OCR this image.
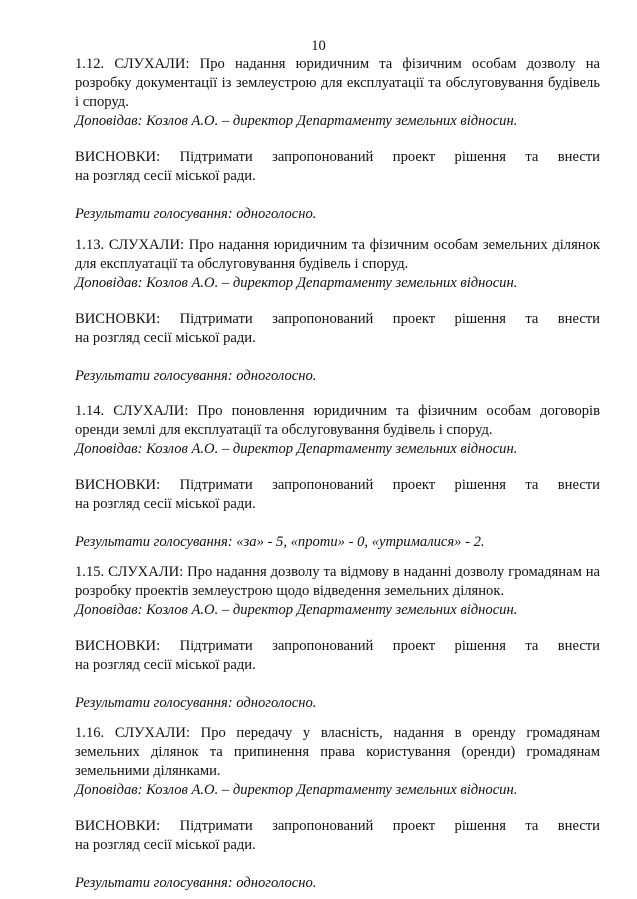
10
1.12. СЛУХАЛИ: Про надання юридичним та фізичним особам дозволу на розробку документації із землеустрою для експлуатації та обслуговування будівель і споруд.
Доповідав: Козлов А.О. – директор Департаменту земельних відносин.
ВИСНОВКИ: Підтримати запропонований проект рішення та внести
на розгляд сесії міської ради.
Результати голосування: одноголосно.
1.13. СЛУХАЛИ: Про надання юридичним та фізичним особам земельних ділянок для експлуатації та обслуговування будівель і споруд.
Доповідав: Козлов А.О. – директор Департаменту земельних відносин.
ВИСНОВКИ: Підтримати запропонований проект рішення та внести
на розгляд сесії міської ради.
Результати голосування: одноголосно.
1.14. СЛУХАЛИ: Про поновлення юридичним та фізичним особам договорів оренди землі для експлуатації та обслуговування будівель і споруд.
Доповідав: Козлов А.О. – директор Департаменту земельних відносин.
ВИСНОВКИ: Підтримати запропонований проект рішення та внести
на розгляд сесії міської ради.
Результати голосування: «за» - 5, «проти» - 0, «утрималися» - 2.
1.15. СЛУХАЛИ: Про надання дозволу та відмову в наданні дозволу громадянам на розробку проектів землеустрою щодо відведення земельних ділянок.
Доповідав: Козлов А.О. – директор Департаменту земельних відносин.
ВИСНОВКИ: Підтримати запропонований проект рішення та внести
на розгляд сесії міської ради.
Результати голосування: одноголосно.
1.16. СЛУХАЛИ: Про передачу у власність, надання в оренду громадянам земельних ділянок та припинення права користування (оренди) громадянам земельними ділянками.
Доповідав: Козлов А.О. – директор Департаменту земельних відносин.
ВИСНОВКИ: Підтримати запропонований проект рішення та внести
на розгляд сесії міської ради.
Результати голосування: одноголосно.
